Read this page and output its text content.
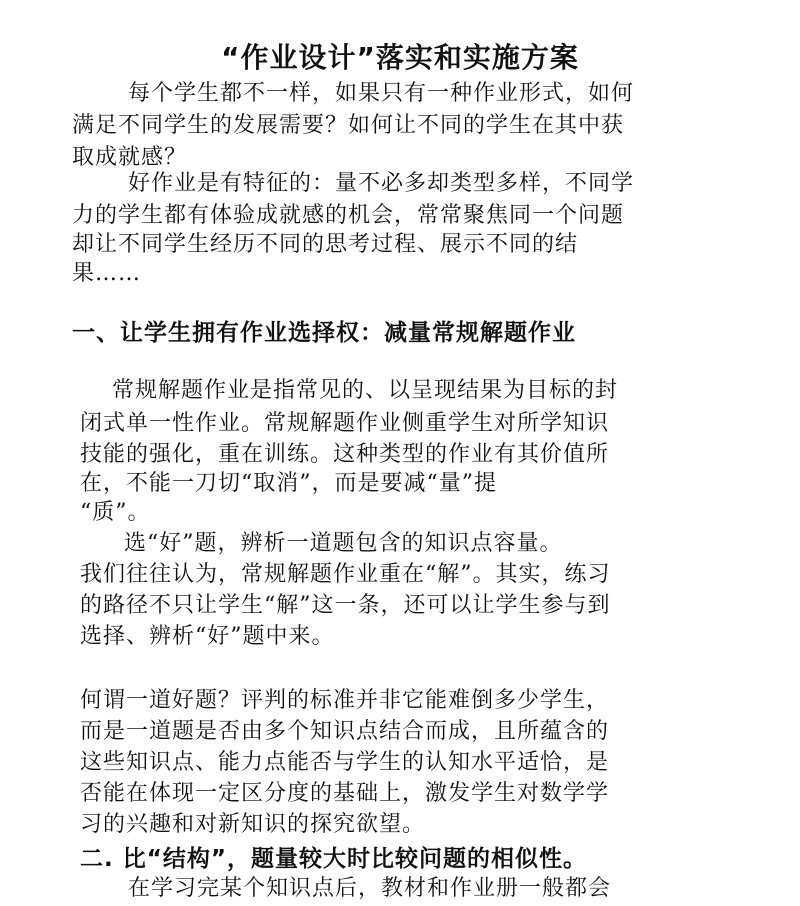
“作业设计”落实和实施方案
每个学生都不一样，如果只有一种作业形式，如何
满足不同学生的发展需要？如何让不同的学生在其中获
取成就感？
好作业是有特征的：量不必多却类型多样，不同学
力的学生都有体验成就感的机会，常常聚焦同一个问题
却让不同学生经历不同的思考过程、展示不同的结
果……
一、让学生拥有作业选择权：减量常规解题作业
常规解题作业是指常见的、以呈现结果为目标的封
闭式单一性作业。常规解题作业侧重学生对所学知识
技能的强化，重在训练。这种类型的作业有其价值所
在，不能一刀切“取消”，而是要减“量”提
“质”。
选“好”题，辨析一道题包含的知识点容量。
我们往往认为，常规解题作业重在“解”。其实，练习
的路径不只让学生“解”这一条，还可以让学生参与到
选择、辨析“好”题中来。
何谓一道好题？评判的标准并非它能难倒多少学生，
而是一道题是否由多个知识点结合而成，且所蕴含的
这些知识点、能力点能否与学生的认知水平适恰，是
否能在体现一定区分度的基础上，激发学生对数学学
习的兴趣和对新知识的探究欲望。
二. 比“结构”，题量较大时比较问题的相似性。
在学习完某个知识点后，教材和作业册一般都会
